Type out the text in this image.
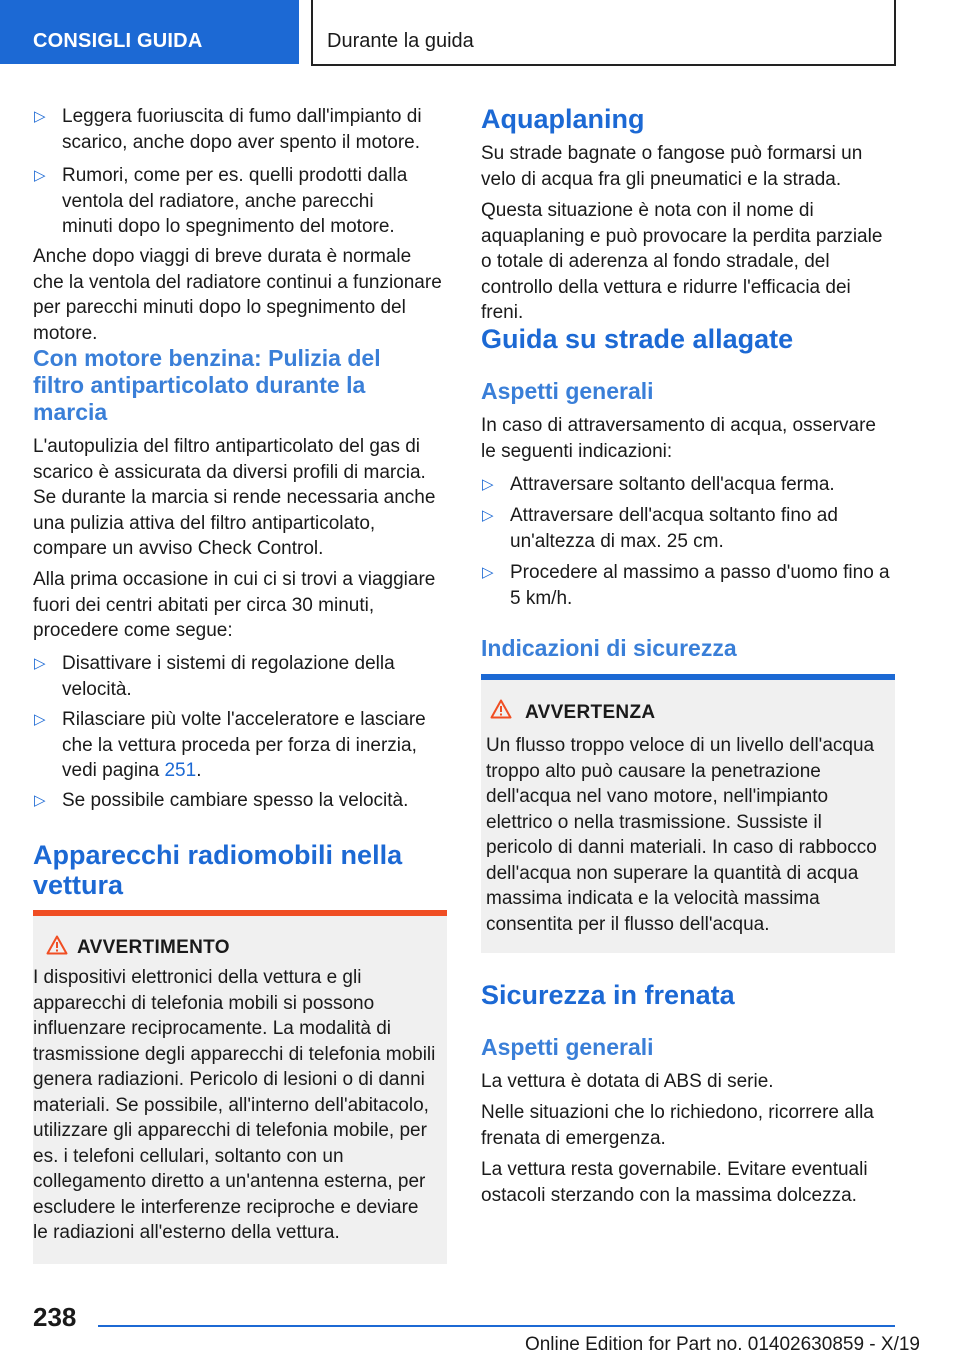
CONSIGLI GUIDA	Durante la guida
▷ Leggera fuoriuscita di fumo dall'impianto di scarico, anche dopo aver spento il motore.
▷ Rumori, come per es. quelli prodotti dalla ventola del radiatore, anche parecchi minuti dopo lo spegnimento del motore.
Anche dopo viaggi di breve durata è normale che la ventola del radiatore continui a funzionare per parecchi minuti dopo lo spegnimento del motore.
Con motore benzina: Pulizia del filtro antiparticolato durante la marcia
L'autopulizia del filtro antiparticolato del gas di scarico è assicurata da diversi profili di marcia. Se durante la marcia si rende necessaria anche una pulizia attiva del filtro antiparticolato, compare un avviso Check Control.
Alla prima occasione in cui ci si trovi a viaggiare fuori dei centri abitati per circa 30 minuti, procedere come segue:
▷ Disattivare i sistemi di regolazione della velocità.
▷ Rilasciare più volte l'acceleratore e lasciare che la vettura proceda per forza di inerzia, vedi pagina 251.
▷ Se possibile cambiare spesso la velocità.
Apparecchi radiomobili nella vettura
AVVERTIMENTO
I dispositivi elettronici della vettura e gli apparecchi di telefonia mobili si possono influenzare reciprocamente. La modalità di trasmissione degli apparecchi di telefonia mobili genera radiazioni. Pericolo di lesioni o di danni materiali. Se possibile, all'interno dell'abitacolo, utilizzare gli apparecchi di telefonia mobile, per es. i telefoni cellulari, soltanto con un collegamento diretto a un'antenna esterna, per escludere le interferenze reciproche e deviare le radiazioni all'esterno della vettura.
Aquaplaning
Su strade bagnate o fangose può formarsi un velo di acqua fra gli pneumatici e la strada.
Questa situazione è nota con il nome di aquaplaning e può provocare la perdita parziale o totale di aderenza al fondo stradale, del controllo della vettura e ridurre l'efficacia dei freni.
Guida su strade allagate
Aspetti generali
In caso di attraversamento di acqua, osservare le seguenti indicazioni:
▷ Attraversare soltanto dell'acqua ferma.
▷ Attraversare dell'acqua soltanto fino ad un'altezza di max. 25 cm.
▷ Procedere al massimo a passo d'uomo fino a 5 km/h.
Indicazioni di sicurezza
AVVERTENZA
Un flusso troppo veloce di un livello dell'acqua troppo alto può causare la penetrazione dell'acqua nel vano motore, nell'impianto elettrico o nella trasmissione. Sussiste il pericolo di danni materiali. In caso di rabbocco dell'acqua non superare la quantità di acqua massima indicata e la velocità massima consentita per il flusso dell'acqua.
Sicurezza in frenata
Aspetti generali
La vettura è dotata di ABS di serie.
Nelle situazioni che lo richiedono, ricorrere alla frenata di emergenza.
La vettura resta governabile. Evitare eventuali ostacoli sterzando con la massima dolcezza.
238
Online Edition for Part no. 01402630859 - X/19
